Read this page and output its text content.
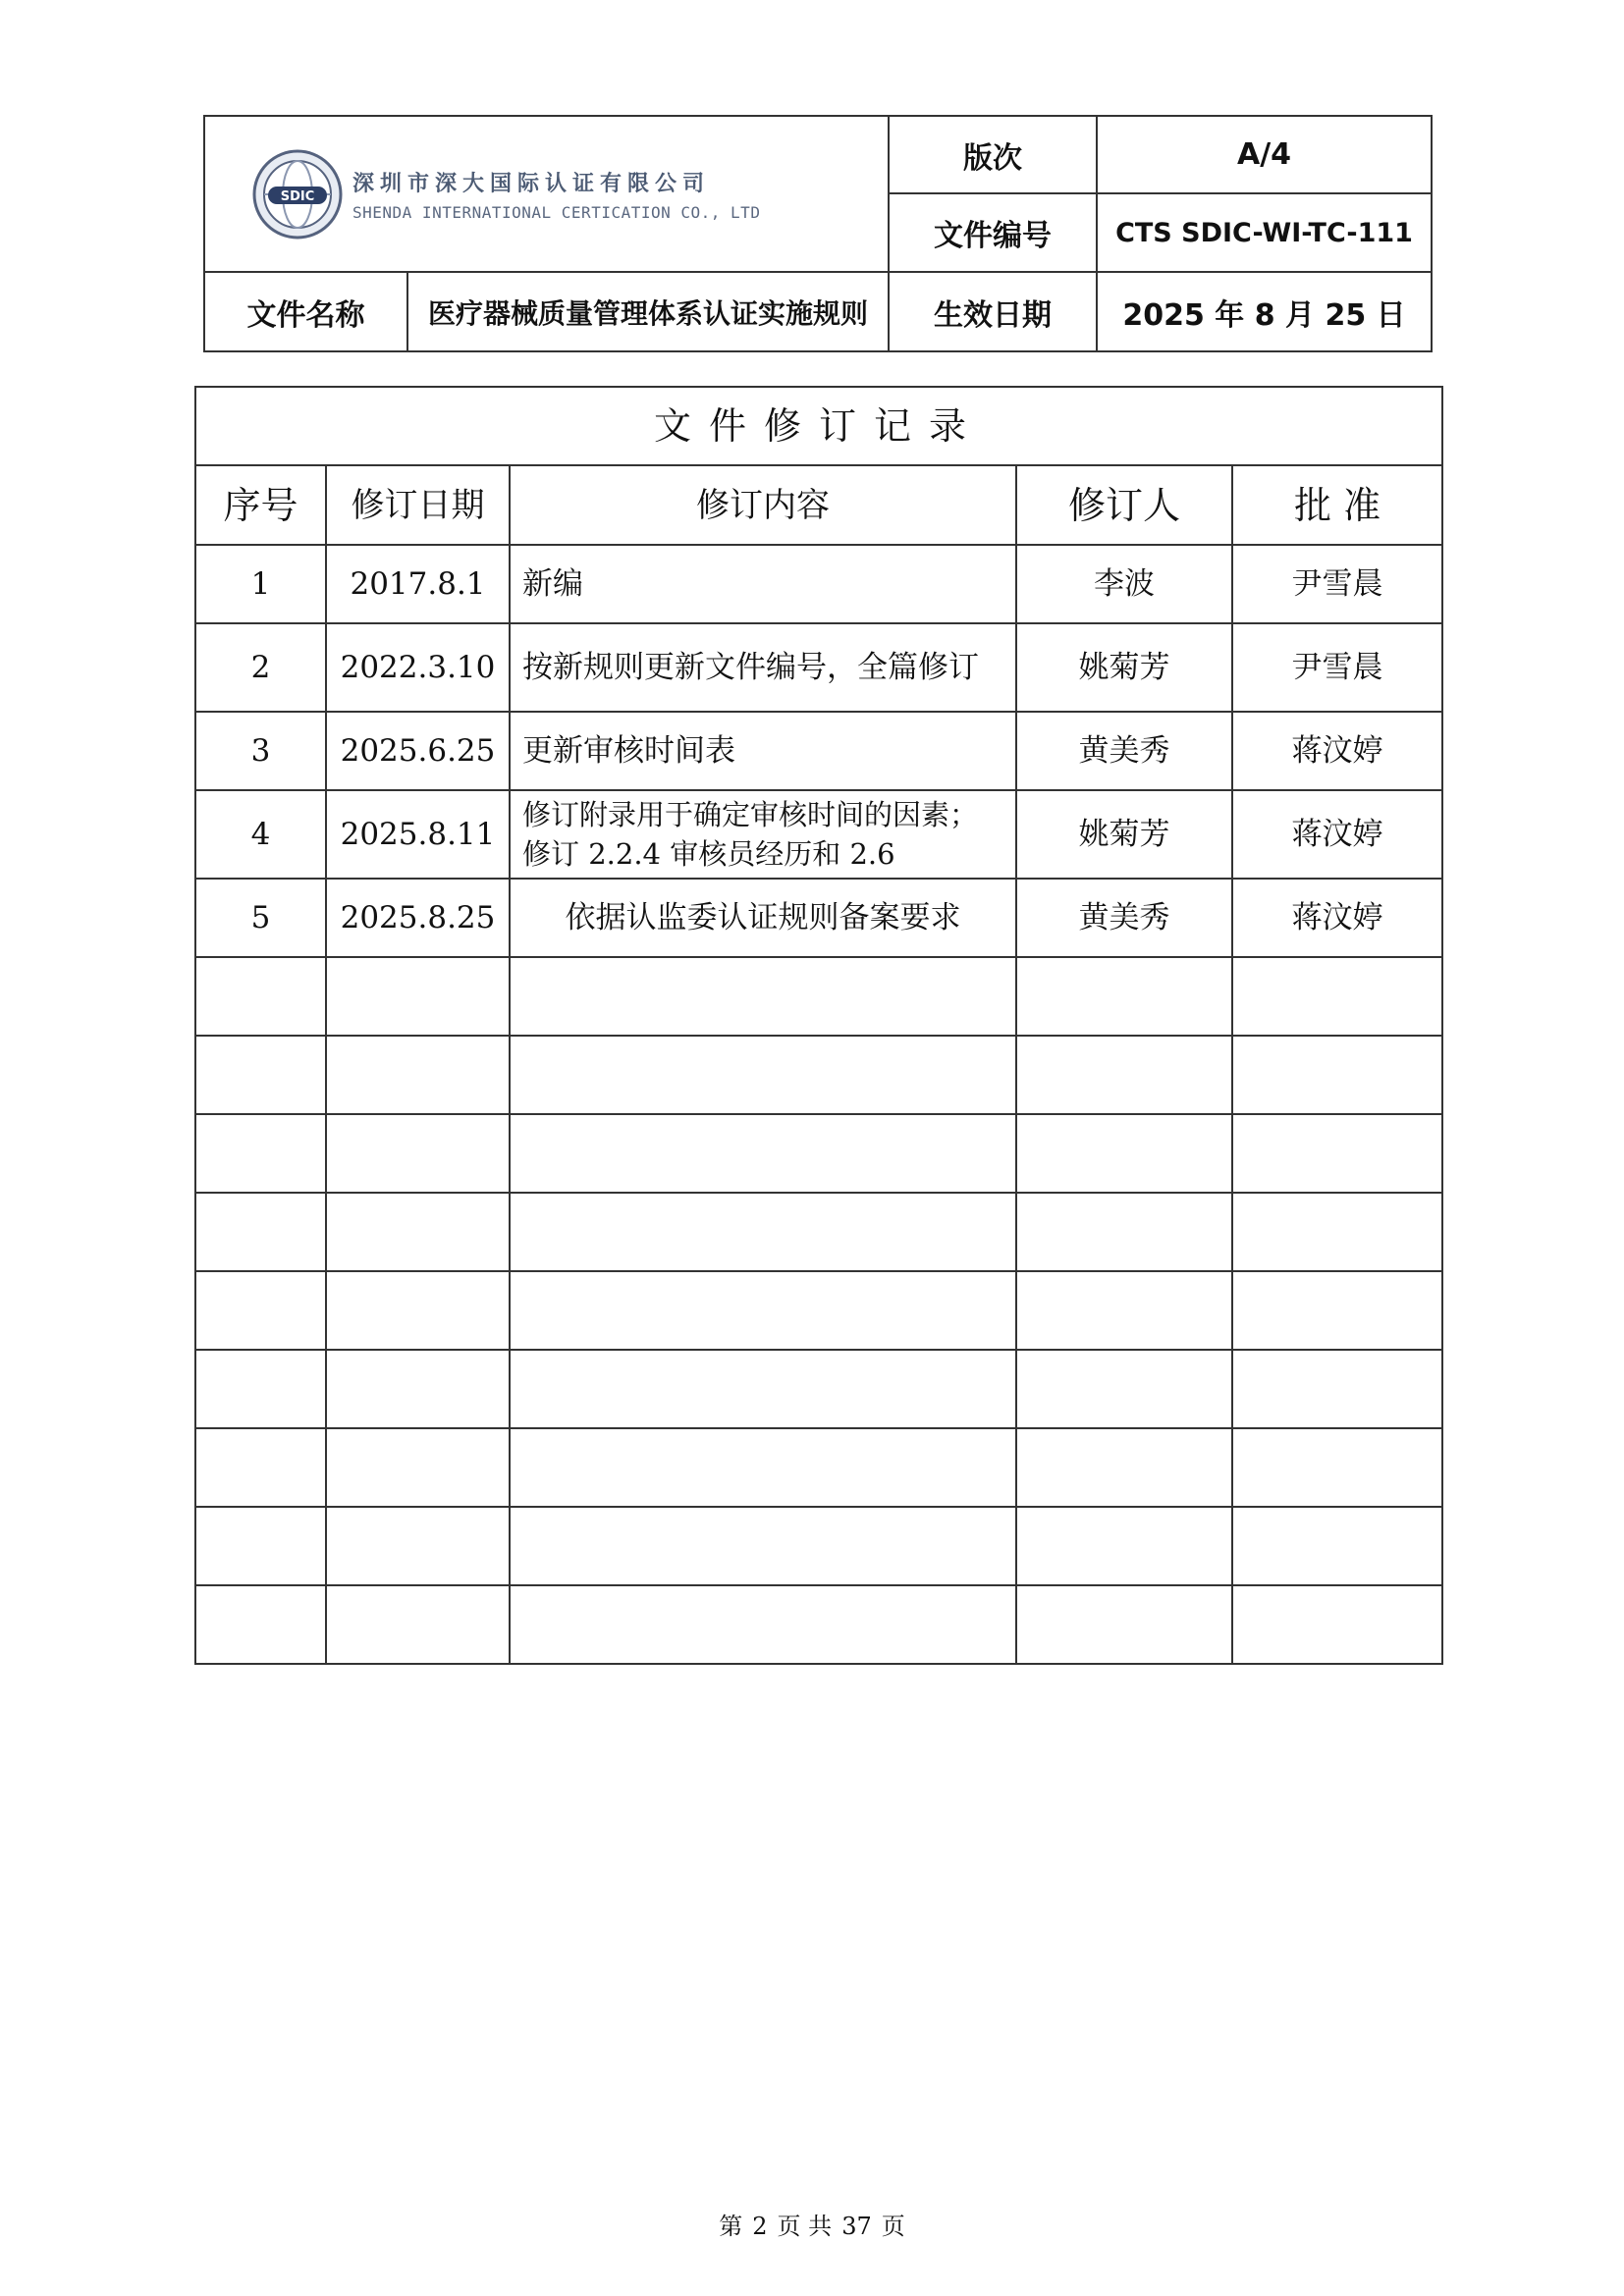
SDIC
深圳市深大国际认证有限公司
SHENDA INTERNATIONAL CERTICATION CO., LTD		版次	A/4
		文件编号	CTS SDIC-WI-TC-111
文件名称	医疗器械质量管理体系认证实施规则	生效日期	2025 年 8 月 25 日
文件修订记录				
序号	修订日期	修订内容	修订人	批 准
1	2017.8.1	新编	李波	尹雪晨
2	2022.3.10	按新规则更新文件编号，全篇修订	姚菊芳	尹雪晨
3	2025.6.25	更新审核时间表	黄美秀	蒋汶婷
4	2025.8.11	修订附录用于确定审核时间的因素；修订 2.2.4 审核员经历和 2.6	姚菊芳	蒋汶婷
5	2025.8.25	依据认监委认证规则备案要求	黄美秀	蒋汶婷

第 2 页 共 37 页
